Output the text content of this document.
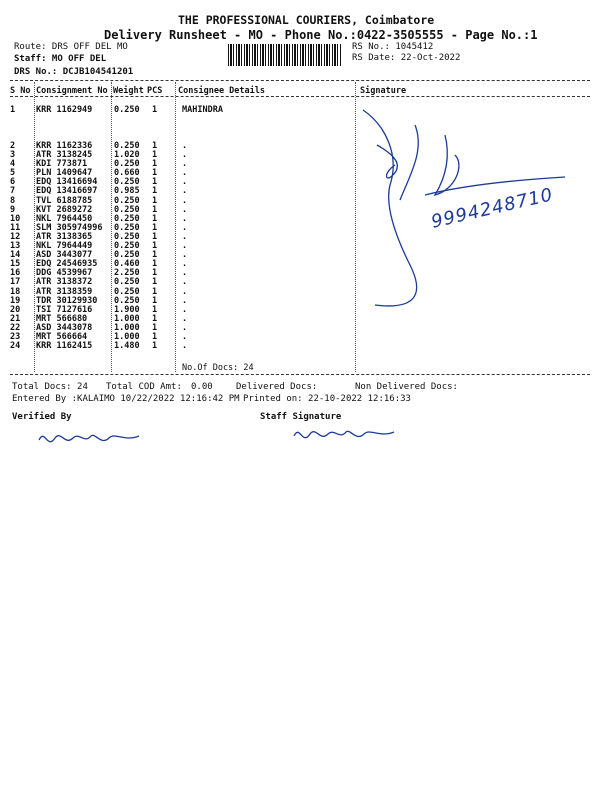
THE PROFESSIONAL COURIERS, Coimbatore
Delivery Runsheet - MO - Phone No.:0422-3505555 - Page No.:1
Route: DRS OFF DEL MO
Staff: MO OFF DEL
DRS No.: DCJB104541201
RS No.: 1045412
RS Date: 22-Oct-2022
S No Consignment No Weight PCS Consignee Details	Signature
1 KRR 1162949	0.250 1	MAHINDRA
2 KRR 1162336	0.250 1	.
3 ATR 3138245	1.020 1	.
4 KDI 773871	0.250 1	.
5 PLN 1409647	0.660 1	.
6 EDQ 13416694 0.250 1	.
7 EDQ 13416697 0.985 1	.
8 TVL 6188785	0.250 1	.
9 KVT 2689272	0.250 1	.
10 NKL 7964450	0.250 1	.
11 SLM 305974996 0.250 1	.
12 ATR 3138365	0.250 1	.
13 NKL 7964449	0.250 1	.
14 ASD 3443077	0.250 1	.
15 EDQ 24546935 0.460 1	.
16 DDG 4539967	2.250 1	.
17 ATR 3138372	0.250 1	.
18 ATR 3138359	0.250 1	.
19 TDR 30129930 0.250 1	.
20 TSI 7127616	1.900 1	.
21 MRT 566680	1.000 1	.
22 ASD 3443078	1.000 1	.
23 MRT 566664	1.000 1	.
24 KRR 1162415	1.480 1	.
No.Of Docs: 24
Total Docs: 24 Total COD Amt: 0.00	Delivered Docs:	Non Delivered Docs:
Entered By :KALAIMO 10/22/2022 12:16:42 PM Printed on: 22-10-2022 12:16:33
Verified By	Staff Signature
9994248710
